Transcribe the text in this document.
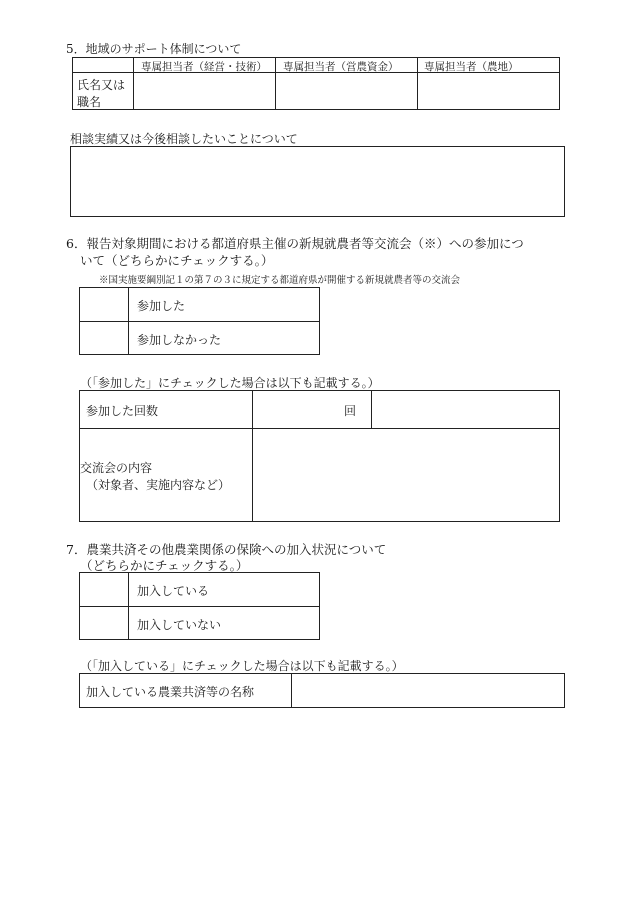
5．地域のサポート体制について
専属担当者（経営・技術） 専属担当者（営農資金） 専属担当者（農地）
氏名又は
職名
相談実績又は今後相談したいことについて
6．報告対象期間における都道府県主催の新規就農者等交流会（※）への参加につ
いて（どちらかにチェックする。）
※国実施要綱別記１の第７の３に規定する都道府県が開催する新規就農者等の交流会
参加した
参加しなかった
（「参加した」にチェックした場合は以下も記載する。）
参加した回数	回
交流会の内容
（対象者、実施内容など）
7．農業共済その他農業関係の保険への加入状況について
（どちらかにチェックする。）
加入している
加入していない
（「加入している」にチェックした場合は以下も記載する。）
加入している農業共済等の名称
